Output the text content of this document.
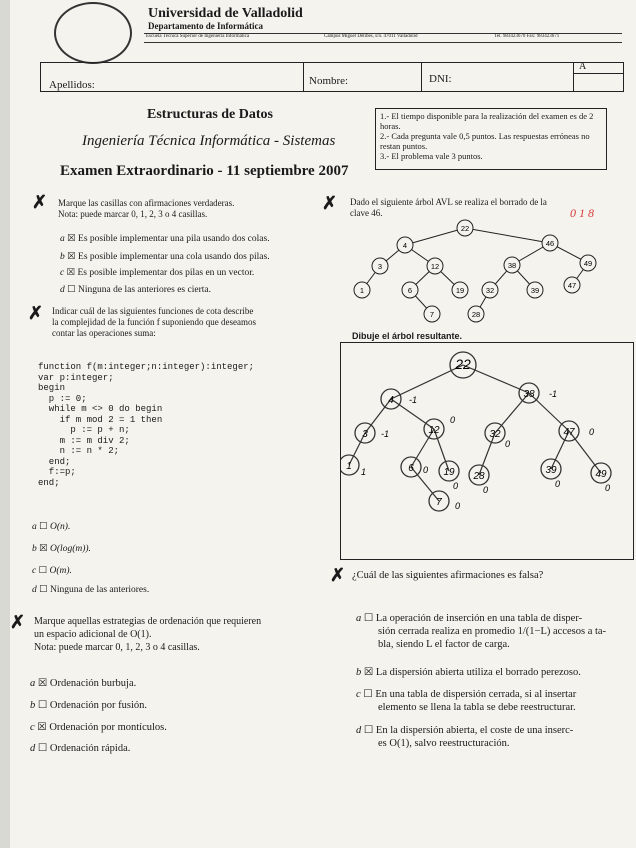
Universidad de Valladolid
Departamento de Informática
Escuela Técnica Superior de Ingeniería Informática	Campus Miguel Delibes, s/n. 47011 Valladolid	Tel. 983423670 Fax: 983423671
Apellidos:	Nombre:	DNI:
A
Estructuras de Datos
Ingeniería Técnica Informática - Sistemas
Examen Extraordinario - 11 septiembre 2007
1.- El tiempo disponible para la realización del examen es de 2 horas.
2.- Cada pregunta vale 0,5 puntos. Las respuestas erróneas no restan puntos.
3.- El problema vale 3 puntos.
✗ Marque las casillas con afirmaciones verdaderas.
Nota: puede marcar 0, 1, 2, 3 o 4 casillas.
a ☒ Es posible implementar una pila usando dos colas.
b ☒ Es posible implementar una cola usando dos pilas.
c ☒ Es posible implementar dos pilas en un vector.
d ☐ Ninguna de las anteriores es cierta.
✗ Indicar cuál de las siguientes funciones de cota describe
la complejidad de la función f suponiendo que deseamos
contar las operaciones suma:
function f(m:integer;n:integer):integer;
var p:integer;
begin
p := 0;
while m <> 0 do begin
if m mod 2 = 1 then
p := p + n;
m := m div 2;
n := n * 2;
end;
f:=p;
end;
a ☐ O(n).
b ☒ O(log(m)).
c ☐ O(m).
d ☐ Ninguna de las anteriores.
✗ Dado el siguiente árbol AVL se realiza el borrado de la
clave 46.	0 1 8
22
4	46
3	12	38	49
1	6	19	32	39
47
7	28
Dibuje el árbol resultante.
22
4 -1	38 -1
3 -1	12
0
32
0
47 0
1 1	6 0 19
0
28
0
39
0
49
0
7 0
✗ Marque aquellas estrategias de ordenación que requieren
un espacio adicional de O(1).
Nota: puede marcar 0, 1, 2, 3 o 4 casillas.
a ☒ Ordenación burbuja.
b ☐ Ordenación por fusión.
c ☒ Ordenación por montículos.
d ☐ Ordenación rápida.
✗ ¿Cuál de las siguientes afirmaciones es falsa?
a ☐ La operación de inserción en una tabla de disper-
sión cerrada realiza en promedio 1/(1−L) accesos a ta-
bla, siendo L el factor de carga.
b ☒ La dispersión abierta utiliza el borrado perezoso.
c ☐ En una tabla de dispersión cerrada, si al insertar
elemento se llena la tabla se debe reestructurar.
d ☐ En la dispersión abierta, el coste de una inserc-
es O(1), salvo reestructuración.
